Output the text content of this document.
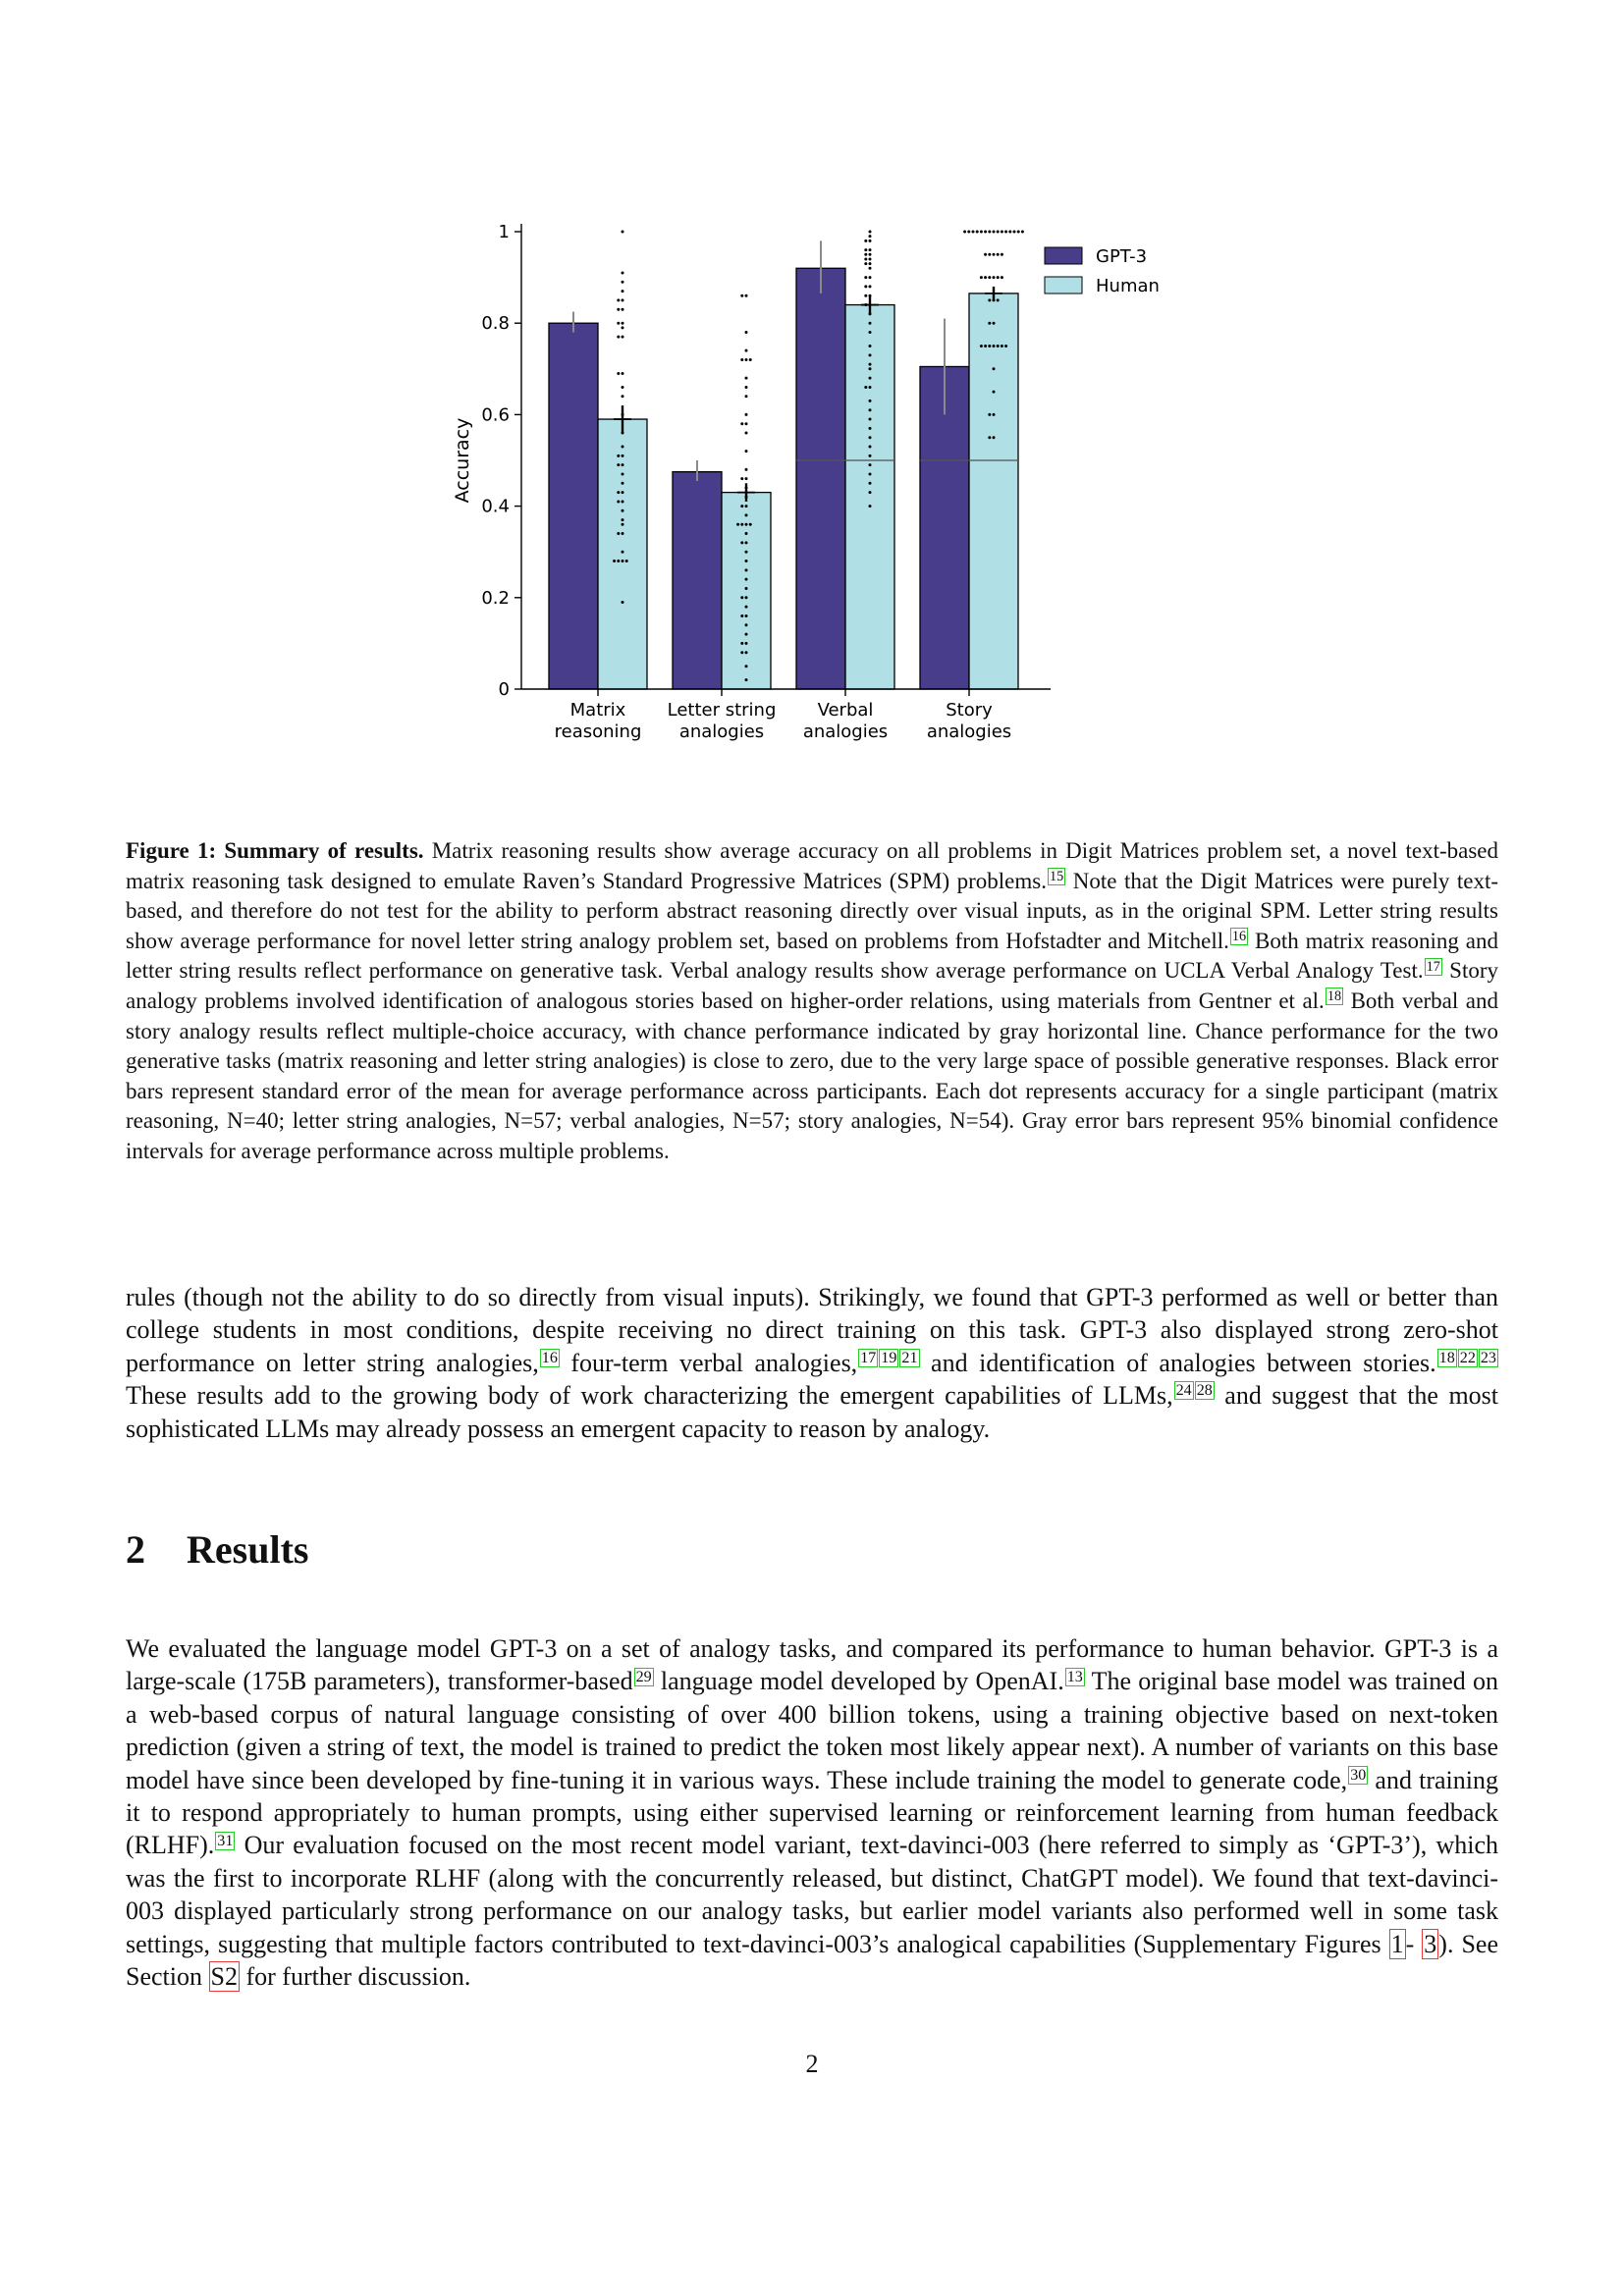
0
0.2
0.4
0.6
0.8
1
Accuracy
Matrix
reasoning
Letter string
analogies
Verbal
analogies
Story
analogies
GPT-3
Human

Figure 1: Summary of results. Matrix reasoning results show average accuracy on all problems in Digit Matrices problem set, a novel text-based matrix reasoning task designed to emulate Raven’s Standard Progressive Matrices (SPM) problems. $^{15}$ Note that the Digit Matrices were purely text-based, and therefore do not test for the ability to perform abstract reasoning directly over visual inputs, as in the original SPM. Letter string results show average performance for novel letter string analogy problem set, based on problems from Hofstadter and Mitchell. $^{16}$ Both matrix reasoning and letter string results reflect performance on generative task. Verbal analogy results show average performance on UCLA Verbal Analogy Test. $^{17}$ Story analogy problems involved identification of analogous stories based on higher-order relations, using materials from Gentner et al. $^{18}$ Both verbal and story analogy results reflect multiple-choice accuracy, with chance performance indicated by gray horizontal line. Chance performance for the two generative tasks (matrix reasoning and letter string analogies) is close to zero, due to the very large space of possible generative responses. Black error bars represent standard error of the mean for average performance across participants. Each dot represents accuracy for a single participant (matrix reasoning, N=40; letter string analogies, N=57; verbal analogies, N=57; story analogies, N=54). Gray error bars represent 95% binomial confidence intervals for average performance across multiple problems.

rules (though not the ability to do so directly from visual inputs). Strikingly, we found that GPT-3 performed as well or better than college students in most conditions, despite receiving no direct training on this task. GPT-3 also displayed strong zero-shot performance on letter string analogies, $^{16}$ four-term verbal analogies, $^{17}$ $^{19}$ $^{21}$ and identification of analogies between stories. $^{18}$ $^{22}$ $^{23}$ These results add to the growing body of work characterizing the emergent capabilities of LLMs, $^{24}$ $^{28}$ and suggest that the most sophisticated LLMs may already possess an emergent capacity to reason by analogy.

2 Results

We evaluated the language model GPT-3 on a set of analogy tasks, and compared its performance to human behavior. GPT-3 is a large-scale (175B parameters), transformer-based $^{29}$ language model developed by OpenAI. $^{13}$ The original base model was trained on a web-based corpus of natural language consisting of over 400 billion tokens, using a training objective based on next-token prediction (given a string of text, the model is trained to predict the token most likely appear next). A number of variants on this base model have since been developed by fine-tuning it in various ways. These include training the model to generate code, $^{30}$ and training it to respond appropriately to human prompts, using either supervised learning or reinforcement learning from human feedback (RLHF). $^{31}$ Our evaluation focused on the most recent model variant, text-davinci-003 (here referred to simply as ‘GPT-3’), which was the first to incorporate RLHF (along with the concurrently released, but distinct, ChatGPT model). We found that text-davinci-003 displayed particularly strong performance on our analogy tasks, but earlier model variants also performed well in some task settings, suggesting that multiple factors contributed to text-davinci-003’s analogical capabilities (Supplementary Figures 1- 3). See Section S2 for further discussion.

2
